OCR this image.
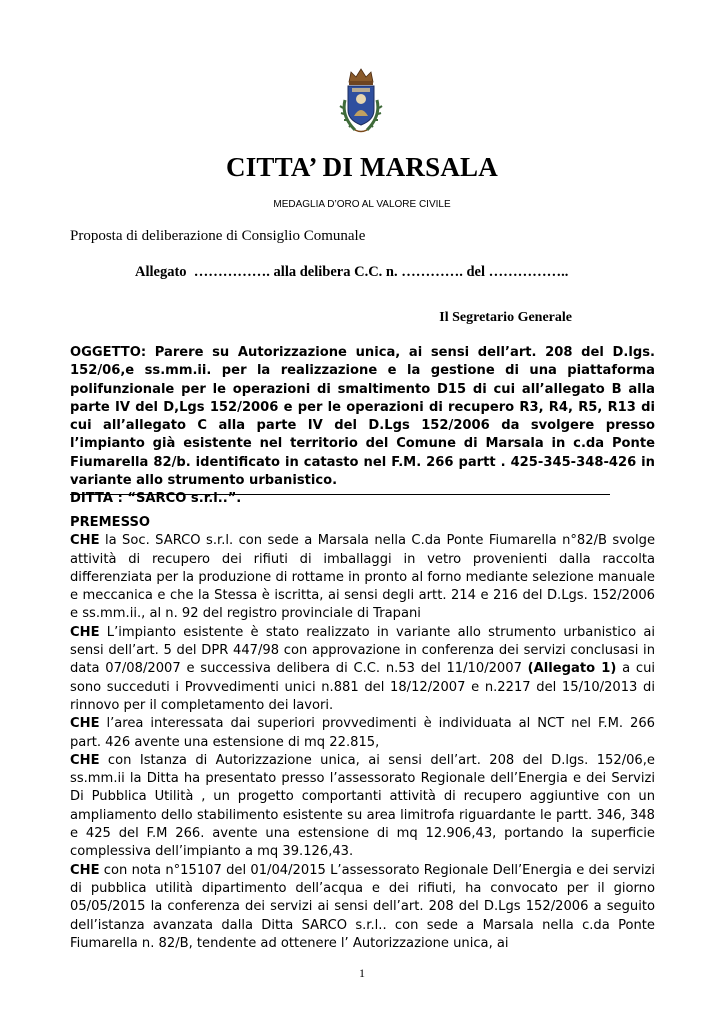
CITTA’ DI MARSALA
MEDAGLIA D’ORO AL VALORE CIVILE
Proposta di deliberazione di Consiglio Comunale
Allegato  ……………. alla delibera C.C. n. …………. del ……………..
Il Segretario Generale
OGGETTO: Parere su Autorizzazione unica, ai sensi dell’art. 208 del D.lgs. 152/06,e ss.mm.ii. per la realizzazione e la gestione di una piattaforma polifunzionale per le operazioni di smaltimento D15 di cui all’allegato B alla parte IV del D,Lgs 152/2006 e per le operazioni di recupero R3, R4, R5, R13 di cui all’allegato C alla parte IV del D.Lgs 152/2006 da svolgere presso l’impianto già esistente nel territorio del Comune di Marsala in c.da Ponte Fiumarella 82/b. identificato in catasto nel F.M. 266 partt . 425-345-348-426 in variante allo strumento urbanistico.
DITTA : “SARCO s.r.l..”.

PREMESSO

CHE la Soc. SARCO s.r.l. con sede a Marsala nella C.da Ponte Fiumarella n°82/B svolge attività di recupero dei rifiuti di imballaggi in vetro provenienti dalla raccolta differenziata per la produzione di rottame in pronto al forno mediante selezione manuale e meccanica e che la Stessa è iscritta, ai sensi degli artt. 214 e 216 del D.Lgs. 152/2006 e ss.mm.ii., al n. 92 del registro provinciale di Trapani

CHE L’impianto esistente è stato realizzato in variante allo strumento urbanistico ai sensi dell’art. 5 del DPR 447/98 con approvazione in conferenza dei servizi conclusasi in data 07/08/2007 e successiva delibera di C.C. n.53 del 11/10/2007 (Allegato 1) a cui sono succeduti i Provvedimenti unici n.881 del 18/12/2007 e n.2217 del 15/10/2013 di rinnovo per il completamento dei lavori.

CHE l’area interessata dai superiori provvedimenti è individuata al NCT nel F.M. 266 part. 426 avente una estensione di mq 22.815,

CHE con Istanza di Autorizzazione unica, ai sensi dell’art. 208 del D.lgs. 152/06,e ss.mm.ii la Ditta ha presentato presso l’assessorato Regionale dell’Energia e dei Servizi Di Pubblica Utilità , un progetto comportanti attività di recupero aggiuntive con un ampliamento dello stabilimento esistente su area limitrofa riguardante le partt. 346, 348 e 425 del F.M 266. avente una estensione di mq 12.906,43, portando la superficie complessiva dell’impianto a mq 39.126,43.

CHE con nota n°15107 del 01/04/2015 L’assessorato Regionale Dell’Energia e dei servizi di pubblica utilità dipartimento dell’acqua e dei rifiuti, ha convocato per il giorno 05/05/2015 la conferenza dei servizi ai sensi dell’art. 208 del D.Lgs 152/2006 a seguito dell’istanza avanzata dalla Ditta SARCO s.r.l.. con sede a Marsala nella c.da Ponte Fiumarella n. 82/B, tendente ad ottenere l’ Autorizzazione unica, ai

1
